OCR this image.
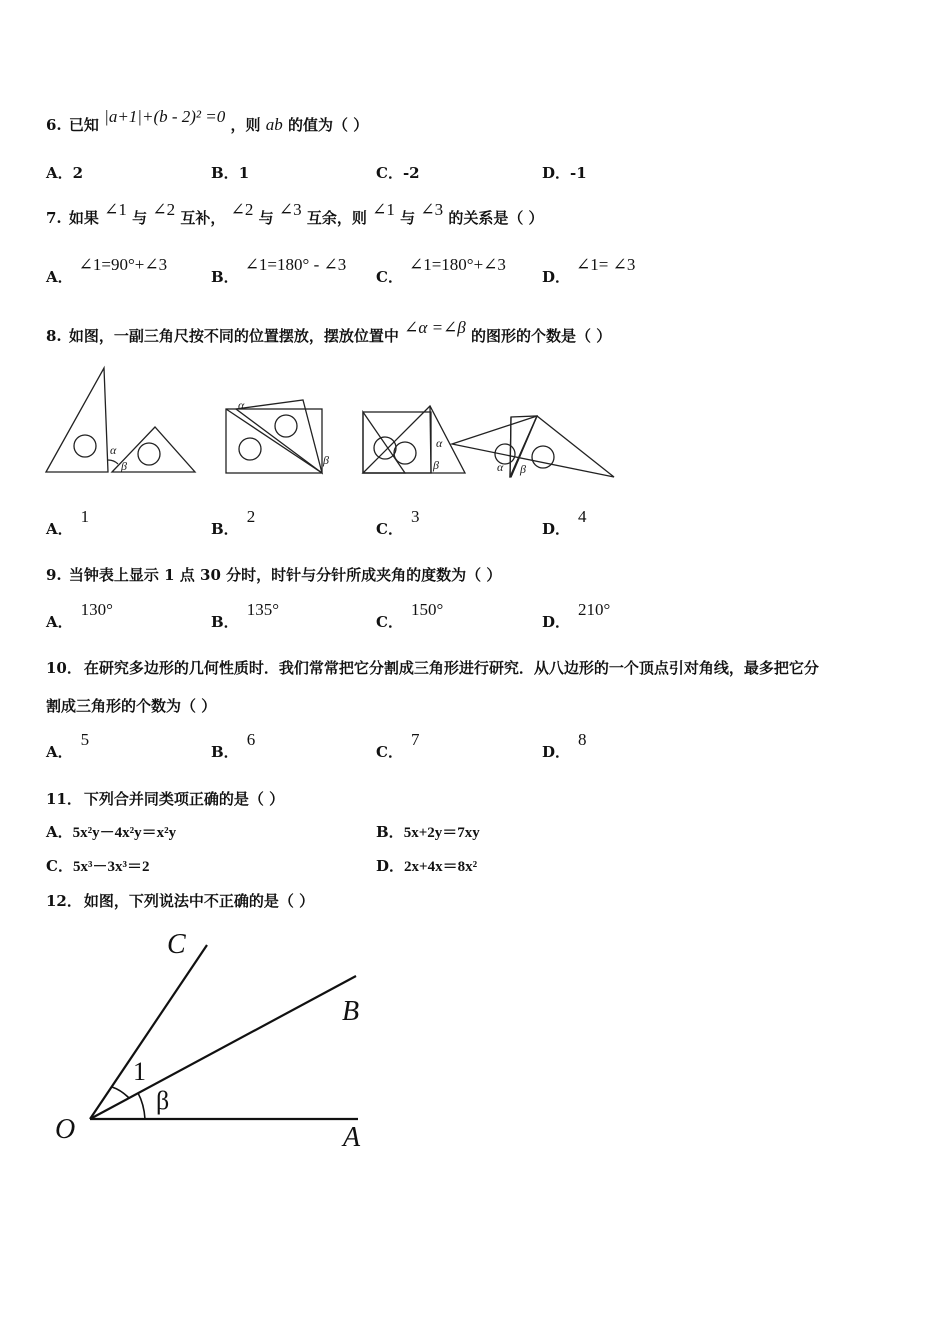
6. 已知 |a+1|+(b - 2)² =0 ，则 ab 的值为（ ）
A．2	B．1	C．-2	D．-1
7. 如果 ∠1 与 ∠2 互补， ∠2 与 ∠3 互余，则 ∠1 与 ∠3 的关系是（ ）
A．∠1=90°+∠3
B．∠1=180° - ∠3
C．∠1=180°+∠3
D．∠1= ∠3
8. 如图，一副三角尺按不同的位置摆放，摆放位置中 ∠α =∠β 的图形的个数是（ ）
α
β
α
β
α
β	α β
A．1
B．2
C．3
D．4
9. 当钟表上显示 1 点 30 分时，时针与分针所成夹角的度数为（ ）
A．130°
B．135°
C．150°
D．210°
10． 在研究多边形的几何性质时．我们常常把它分割成三角形进行研究．从八边形的一个顶点引对角线，最多把它分
割成三角形的个数为（ ）
A．5
B．6
C．7
D．8
11． 下列合并同类项正确的是（ ）
A．5x²y－4x²y＝x²y	B．5x+2y＝7xy
C．5x³－3x³＝2	D．2x+4x＝8x²
12． 如图，下列说法中不正确的是（ ）
C
B
O	A
1
β
